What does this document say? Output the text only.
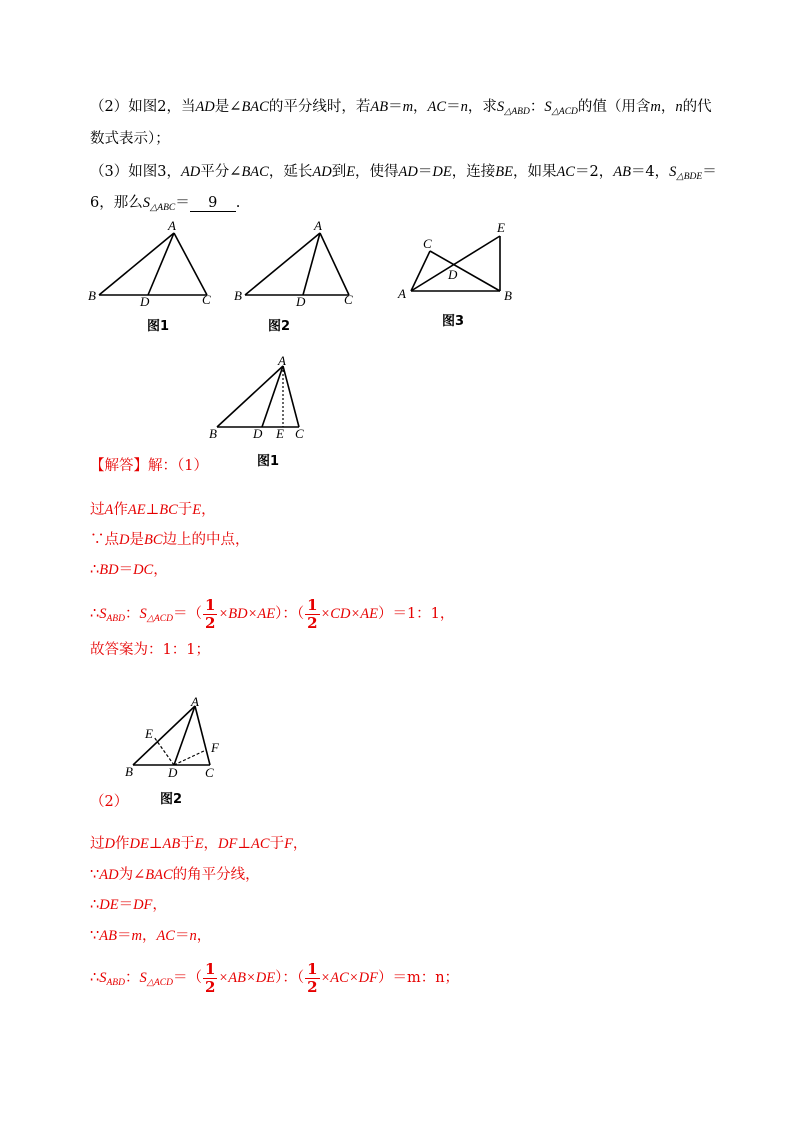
（2）如图2，当AD是∠BAC的平分线时，若AB＝m，AC＝n，求$S_{\triangle ABD}$：$S_{\triangle ACD}$的值（用含m，n的代
数式表示）；
（3）如图3，AD平分∠BAC，延长AD到E，使得AD＝DE，连接BE，如果AC＝2，AB＝4，$S_{\triangle BDE}=$
6，那么$S_{\triangle ABC}= 9$ .
A
B	D	C
A
B	D	C
C
E
D
A	B
A
B	D E C
A
E
F
B	D C
图1	图2	图3
图1
图2
【解答】解：（1）
过A作AE⊥BC于E，
∵点D是BC边上的中点，
∴BD＝DC，
$\therefore S_{ABD}$：$S_{\triangle ACD}=( \frac{1}{2} \times BD\times AE)$：（ $\frac{1}{2} \times CD\times AE)=1$：1，
故答案为：1：1；
（2）
过D作DE⊥AB于E，DF⊥AC于F，
∵AD为∠BAC的角平分线，
∴DE＝DF，
∵AB＝m，AC＝n，
$\therefore S_{ABD}$：$S_{\triangle ACD}=( \frac{1}{2} \times AB\times DE)$：（ $\frac{1}{2} \times AC\times DF)=m$：n；
